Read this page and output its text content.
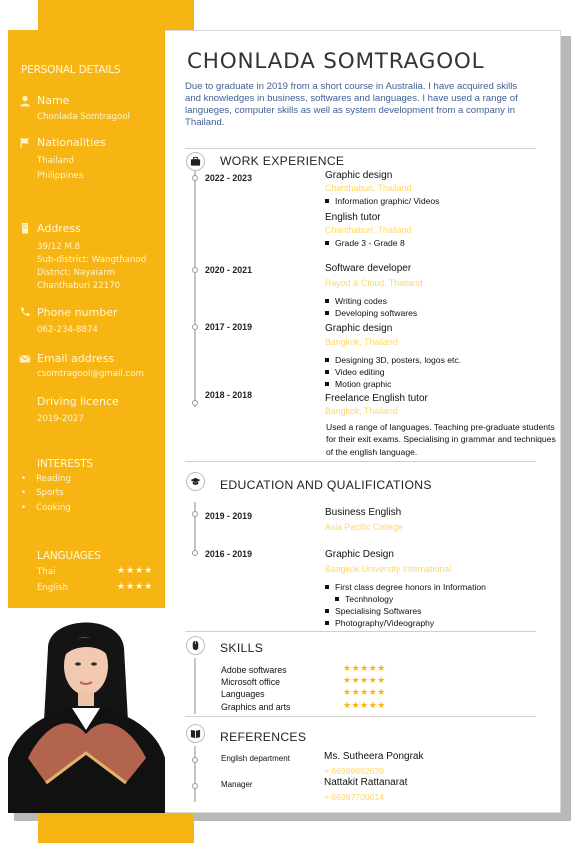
PERSONAL DETAILS
Name
Chonlada Somtragool
Nationalities
Thailand
Philippines
Address
39/12 M.8
Sub-district: Wangthanod
District: Nayaiarm
Chanthaburi 22170
Phone number
062-234-8874
Email address
csomtragool@gmail.com
Driving licence
2019-2027
INTERESTS
• Reading
• Sports
• Cooking
LANGUAGES
Thai	★★★★
English	★★★★
CHONLADA SOMTRAGOOL
Due to graduate in 2019 from a short course in Australia. I have acquired skills and knowledges in business, softwares and languages. I have used a range of langueges, computer skills as well as system development from a company in Thailand.
WORK EXPERIENCE
2022 - 2023	Graphic design
Chanthaburi, Thailand
Information graphic/ Videos
English tutor
Chanthaburi, Thailand
Grade 3 - Grade 8
2020 - 2021	Software developer
Rayod & Cloud, Thailand
Writing codes
Developing softwares
2017 - 2019	Graphic design
Bangkok, Thailand
Designing 3D, posters, logos etc.
Video editing
Motion graphic
2018 - 2018	Freelance English tutor
Bangkok, Thailand
Used a range of languages. Teaching pre-graduate students for their exit exams. Specialising in grammar and techniques of the english language.
EDUCATION AND QUALIFICATIONS
2019 - 2019	Business English
Asia Pacific College
2016 - 2019	Graphic Design
Bangkok University International
First class degree honors in Information
Tecnhnology
Specialising Softwares
Photography/Videography
SKILLS
Adobe softwares	★★★★★
Microsoft office	★★★★★
Languages	★★★★★
Graphics and arts	★★★★★
REFERENCES
English department	Ms. Sutheera Pongrak
+ 66999892639
Manager	Nattakit Rattanarat
+ 66987700614
